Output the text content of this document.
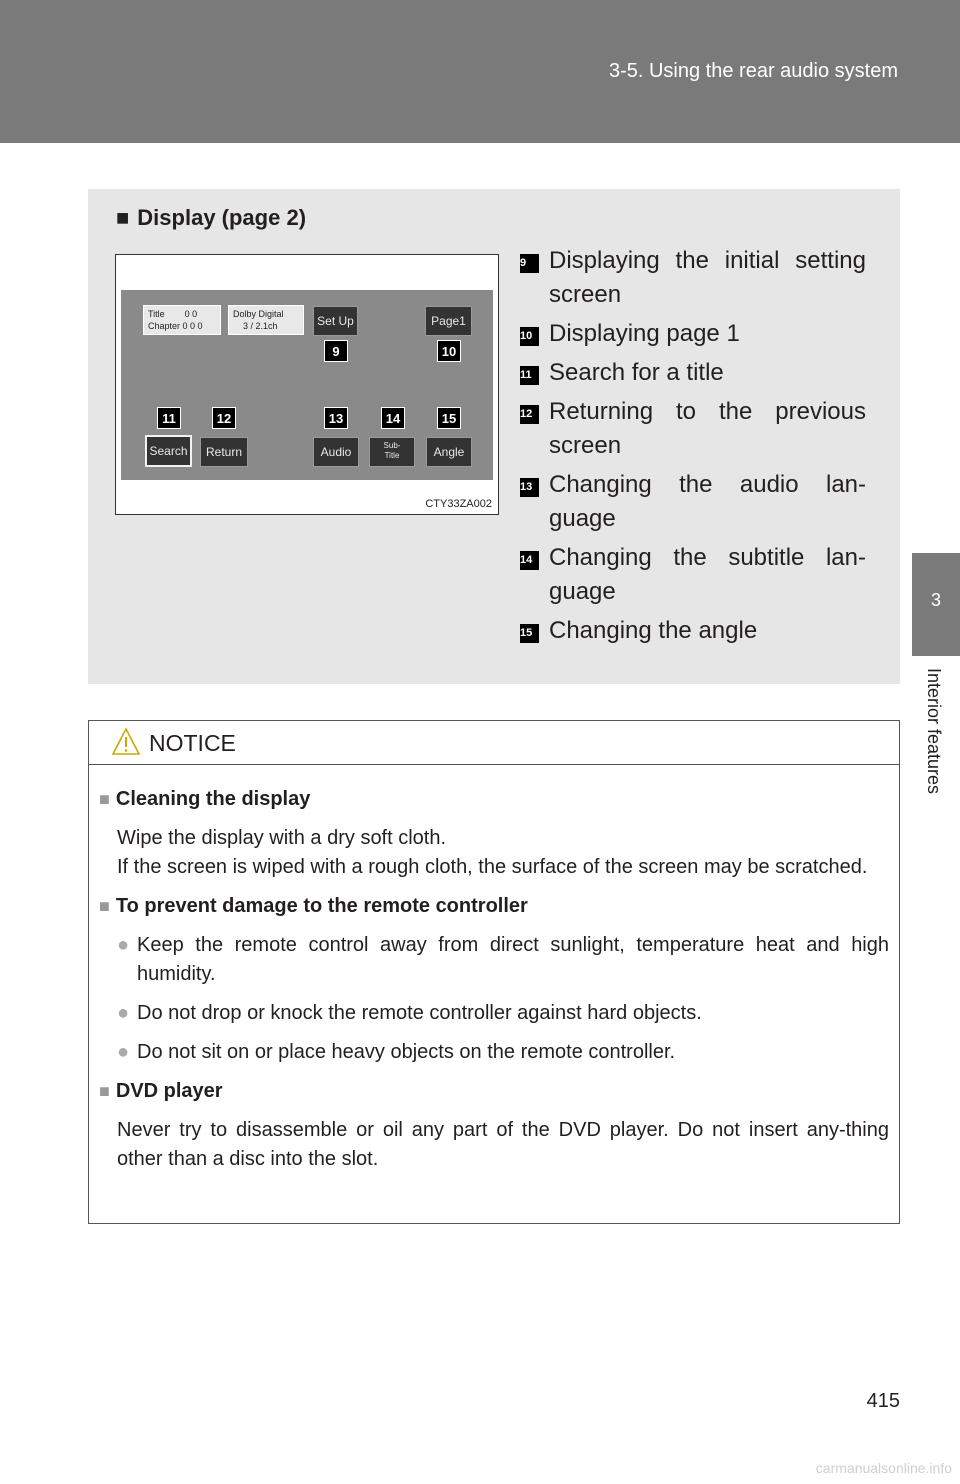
3-5. Using the rear audio system
3
Interior features
■ Display (page 2)
Title        0 0
Chapter 0 0 0
Dolby Digital
3 / 2.1ch	Set Up	Page1
Search	Return	Audio	Sub-
Title	Angle
9	10
11	12	13	14	15
CTY33ZA002
9 Displaying the initial setting screen
10 Displaying page 1
11 Search for a title
12 Returning to the previous screen
13 Changing the audio lan-guage
14 Changing the subtitle lan-guage
15 Changing the angle
NOTICE
■ Cleaning the display
Wipe the display with a dry soft cloth.
If the screen is wiped with a rough cloth, the surface of the screen may be scratched.
■ To prevent damage to the remote controller
● Keep the remote control away from direct sunlight, temperature heat and high humidity.
● Do not drop or knock the remote controller against hard objects.
● Do not sit on or place heavy objects on the remote controller.
■ DVD player
Never try to disassemble or oil any part of the DVD player. Do not insert any-thing other than a disc into the slot.
415
carmanualsonline.info
